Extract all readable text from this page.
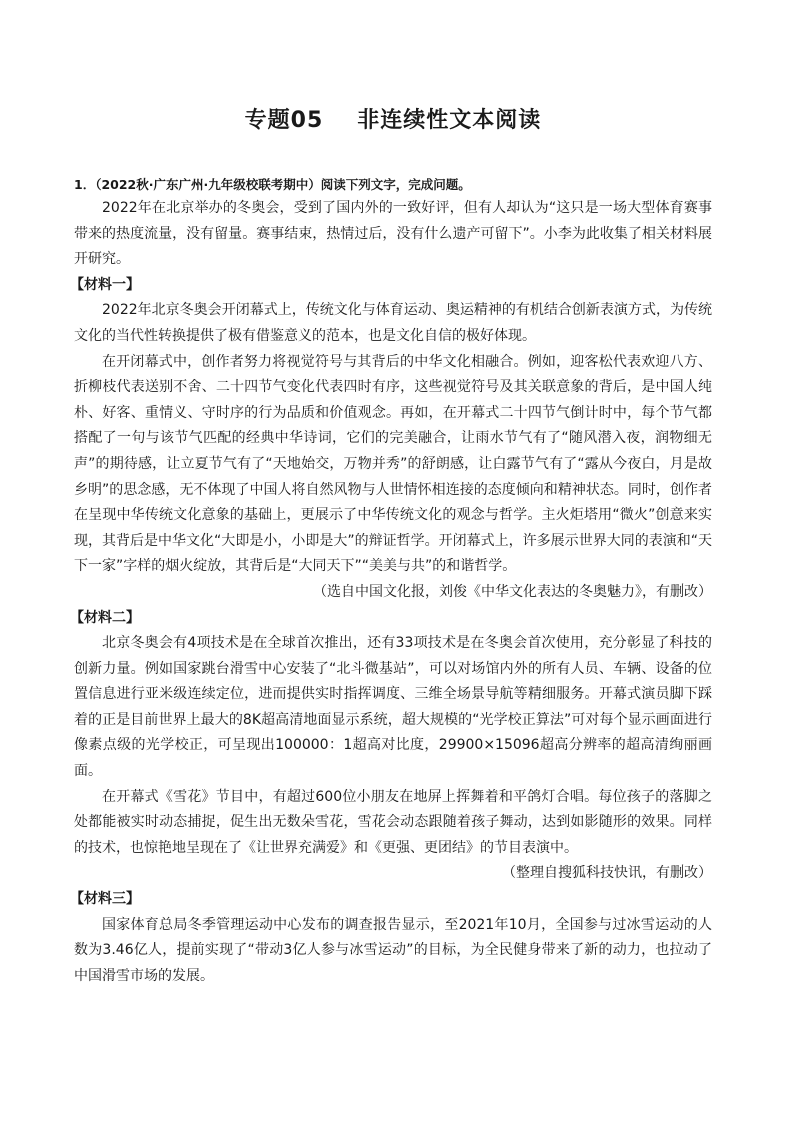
专题05 非连续性文本阅读
1．（2022秋·广东广州·九年级校联考期中）阅读下列文字，完成问题。

2022年在北京举办的冬奥会，受到了国内外的一致好评，但有人却认为“这只是一场大型体育赛事带来的热度流量，没有留量。赛事结束，热情过后，没有什么遗产可留下”。小李为此收集了相关材料展开研究。

【材料一】

2022年北京冬奥会开闭幕式上，传统文化与体育运动、奥运精神的有机结合创新表演方式，为传统文化的当代性转换提供了极有借鉴意义的范本，也是文化自信的极好体现。

在开闭幕式中，创作者努力将视觉符号与其背后的中华文化相融合。例如，迎客松代表欢迎八方、折柳枝代表送别不舍、二十四节气变化代表四时有序，这些视觉符号及其关联意象的背后，是中国人纯朴、好客、重情义、守时序的行为品质和价值观念。再如，在开幕式二十四节气倒计时中，每个节气都搭配了一句与该节气匹配的经典中华诗词，它们的完美融合，让雨水节气有了“随风潜入夜，润物细无声”的期待感，让立夏节气有了“天地始交，万物并秀”的舒朗感，让白露节气有了“露从今夜白，月是故乡明”的思念感，无不体现了中国人将自然风物与人世情怀相连接的态度倾向和精神状态。同时，创作者在呈现中华传统文化意象的基础上，更展示了中华传统文化的观念与哲学。主火炬塔用“微火”创意来实现，其背后是中华文化“大即是小，小即是大”的辩证哲学。开闭幕式上，许多展示世界大同的表演和“天下一家”字样的烟火绽放，其背后是“大同天下”“美美与共”的和谐哲学。

（选自中国文化报，刘俊《中华文化表达的冬奥魅力》，有删改）
【材料二】

北京冬奥会有4项技术是在全球首次推出，还有33项技术是在冬奥会首次使用，充分彰显了科技的创新力量。例如国家跳台滑雪中心安装了“北斗微基站”，可以对场馆内外的所有人员、车辆、设备的位置信息进行亚米级连续定位，进而提供实时指挥调度、三维全场景导航等精细服务。开幕式演员脚下踩着的正是目前世界上最大的8K超高清地面显示系统，超大规模的“光学校正算法”可对每个显示画面进行像素点级的光学校正，可呈现出100000：1超高对比度，29900×15096超高分辨率的超高清绚丽画面。

在开幕式《雪花》节目中，有超过600位小朋友在地屏上挥舞着和平鸽灯合唱。每位孩子的落脚之处都能被实时动态捕捉，促生出无数朵雪花，雪花会动态跟随着孩子舞动，达到如影随形的效果。同样的技术，也惊艳地呈现在了《让世界充满爱》和《更强、更团结》的节目表演中。

（整理自搜狐科技快讯，有删改）
【材料三】

国家体育总局冬季管理运动中心发布的调查报告显示，至2021年10月，全国参与过冰雪运动的人数为3.46亿人，提前实现了“带动3亿人参与冰雪运动”的目标，为全民健身带来了新的动力，也拉动了中国滑雪市场的发展。
